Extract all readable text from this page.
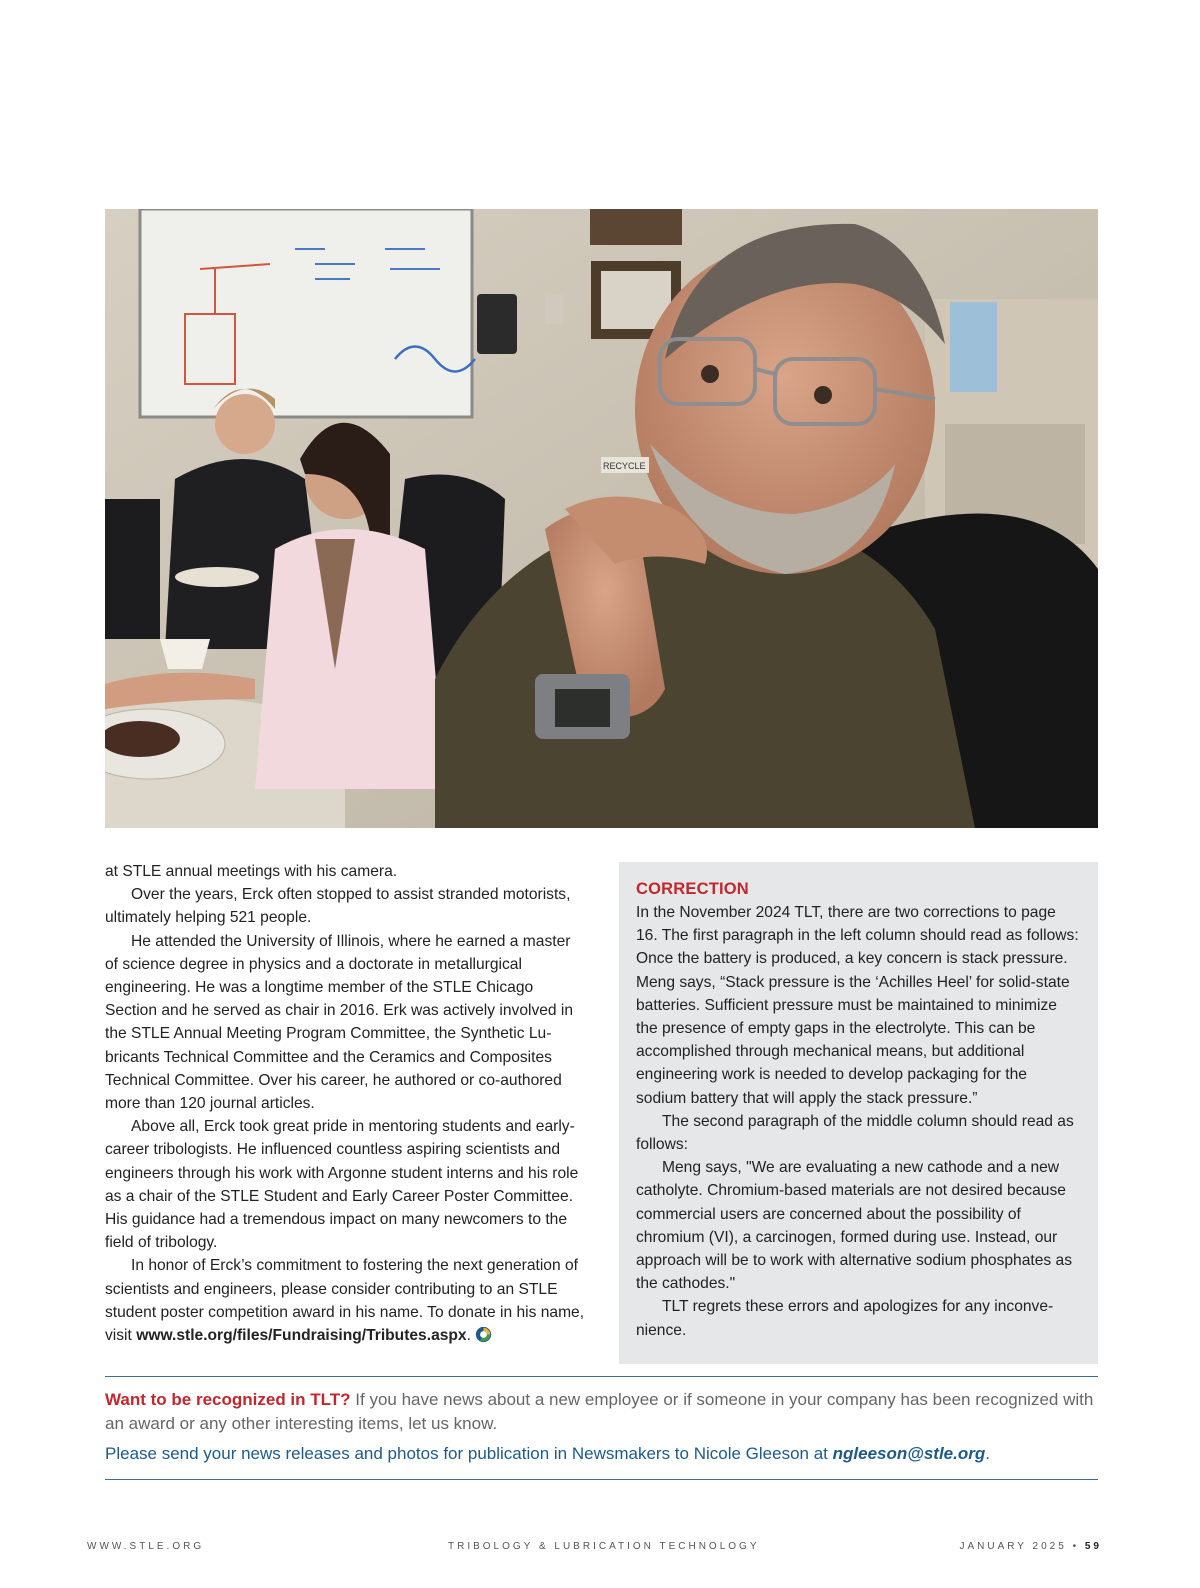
RECYCLE

at STLE annual meetings with his camera.

Over the years, Erck often stopped to assist stranded motorists, ultimately helping 521 people.

He attended the University of Illinois, where he earned a master of science degree in physics and a doctorate in metallurgical engineering. He was a longtime member of the STLE Chicago Section and he served as chair in 2016. Erk was actively involved in the STLE Annual Meeting Program Committee, the Synthetic Lubricants Technical Committee and the Ceramics and Composites Technical Committee. Over his career, he authored or co-authored more than 120 journal articles.

Above all, Erck took great pride in mentoring students and early-career tribologists. He influenced countless aspiring scientists and engineers through his work with Argonne student interns and his role as a chair of the STLE Student and Early Career Poster Committee. His guidance had a tremendous impact on many newcomers to the field of tribology.

In honor of Erck’s commitment to fostering the next generation of scientists and engineers, please consider contributing to an STLE student poster competition award in his name. To donate in his name, visit www.stle.org/files/Fundraising/Tributes.aspx.

CORRECTION

In the November 2024 TLT, there are two corrections to page 16. The first paragraph in the left column should read as follows: Once the battery is produced, a key concern is stack pressure. Meng says, “Stack pressure is the ‘Achilles Heel’ for solid-state batteries. Sufficient pressure must be maintained to minimize the presence of empty gaps in the electrolyte. This can be accomplished through mechanical means, but additional engineering work is needed to develop packaging for the sodium battery that will apply the stack pressure.”

The second paragraph of the middle column should read as follows:

Meng says, "We are evaluating a new cathode and a new catholyte. Chromium-based materials are not desired because commercial users are concerned about the possibility of chromium (VI), a carcinogen, formed during use. Instead, our approach will be to work with alternative sodium phosphates as the cathodes."

TLT regrets these errors and apologizes for any inconvenience.

Want to be recognized in TLT? If you have news about a new employee or if someone in your company has been recognized with an award or any other interesting items, let us know.
Please send your news releases and photos for publication in Newsmakers to Nicole Gleeson at ngleeson@stle.org.
WWW.STLE.ORG	TRIBOLOGY & LUBRICATION TECHNOLOGY	JANUARY 2025 • 59
